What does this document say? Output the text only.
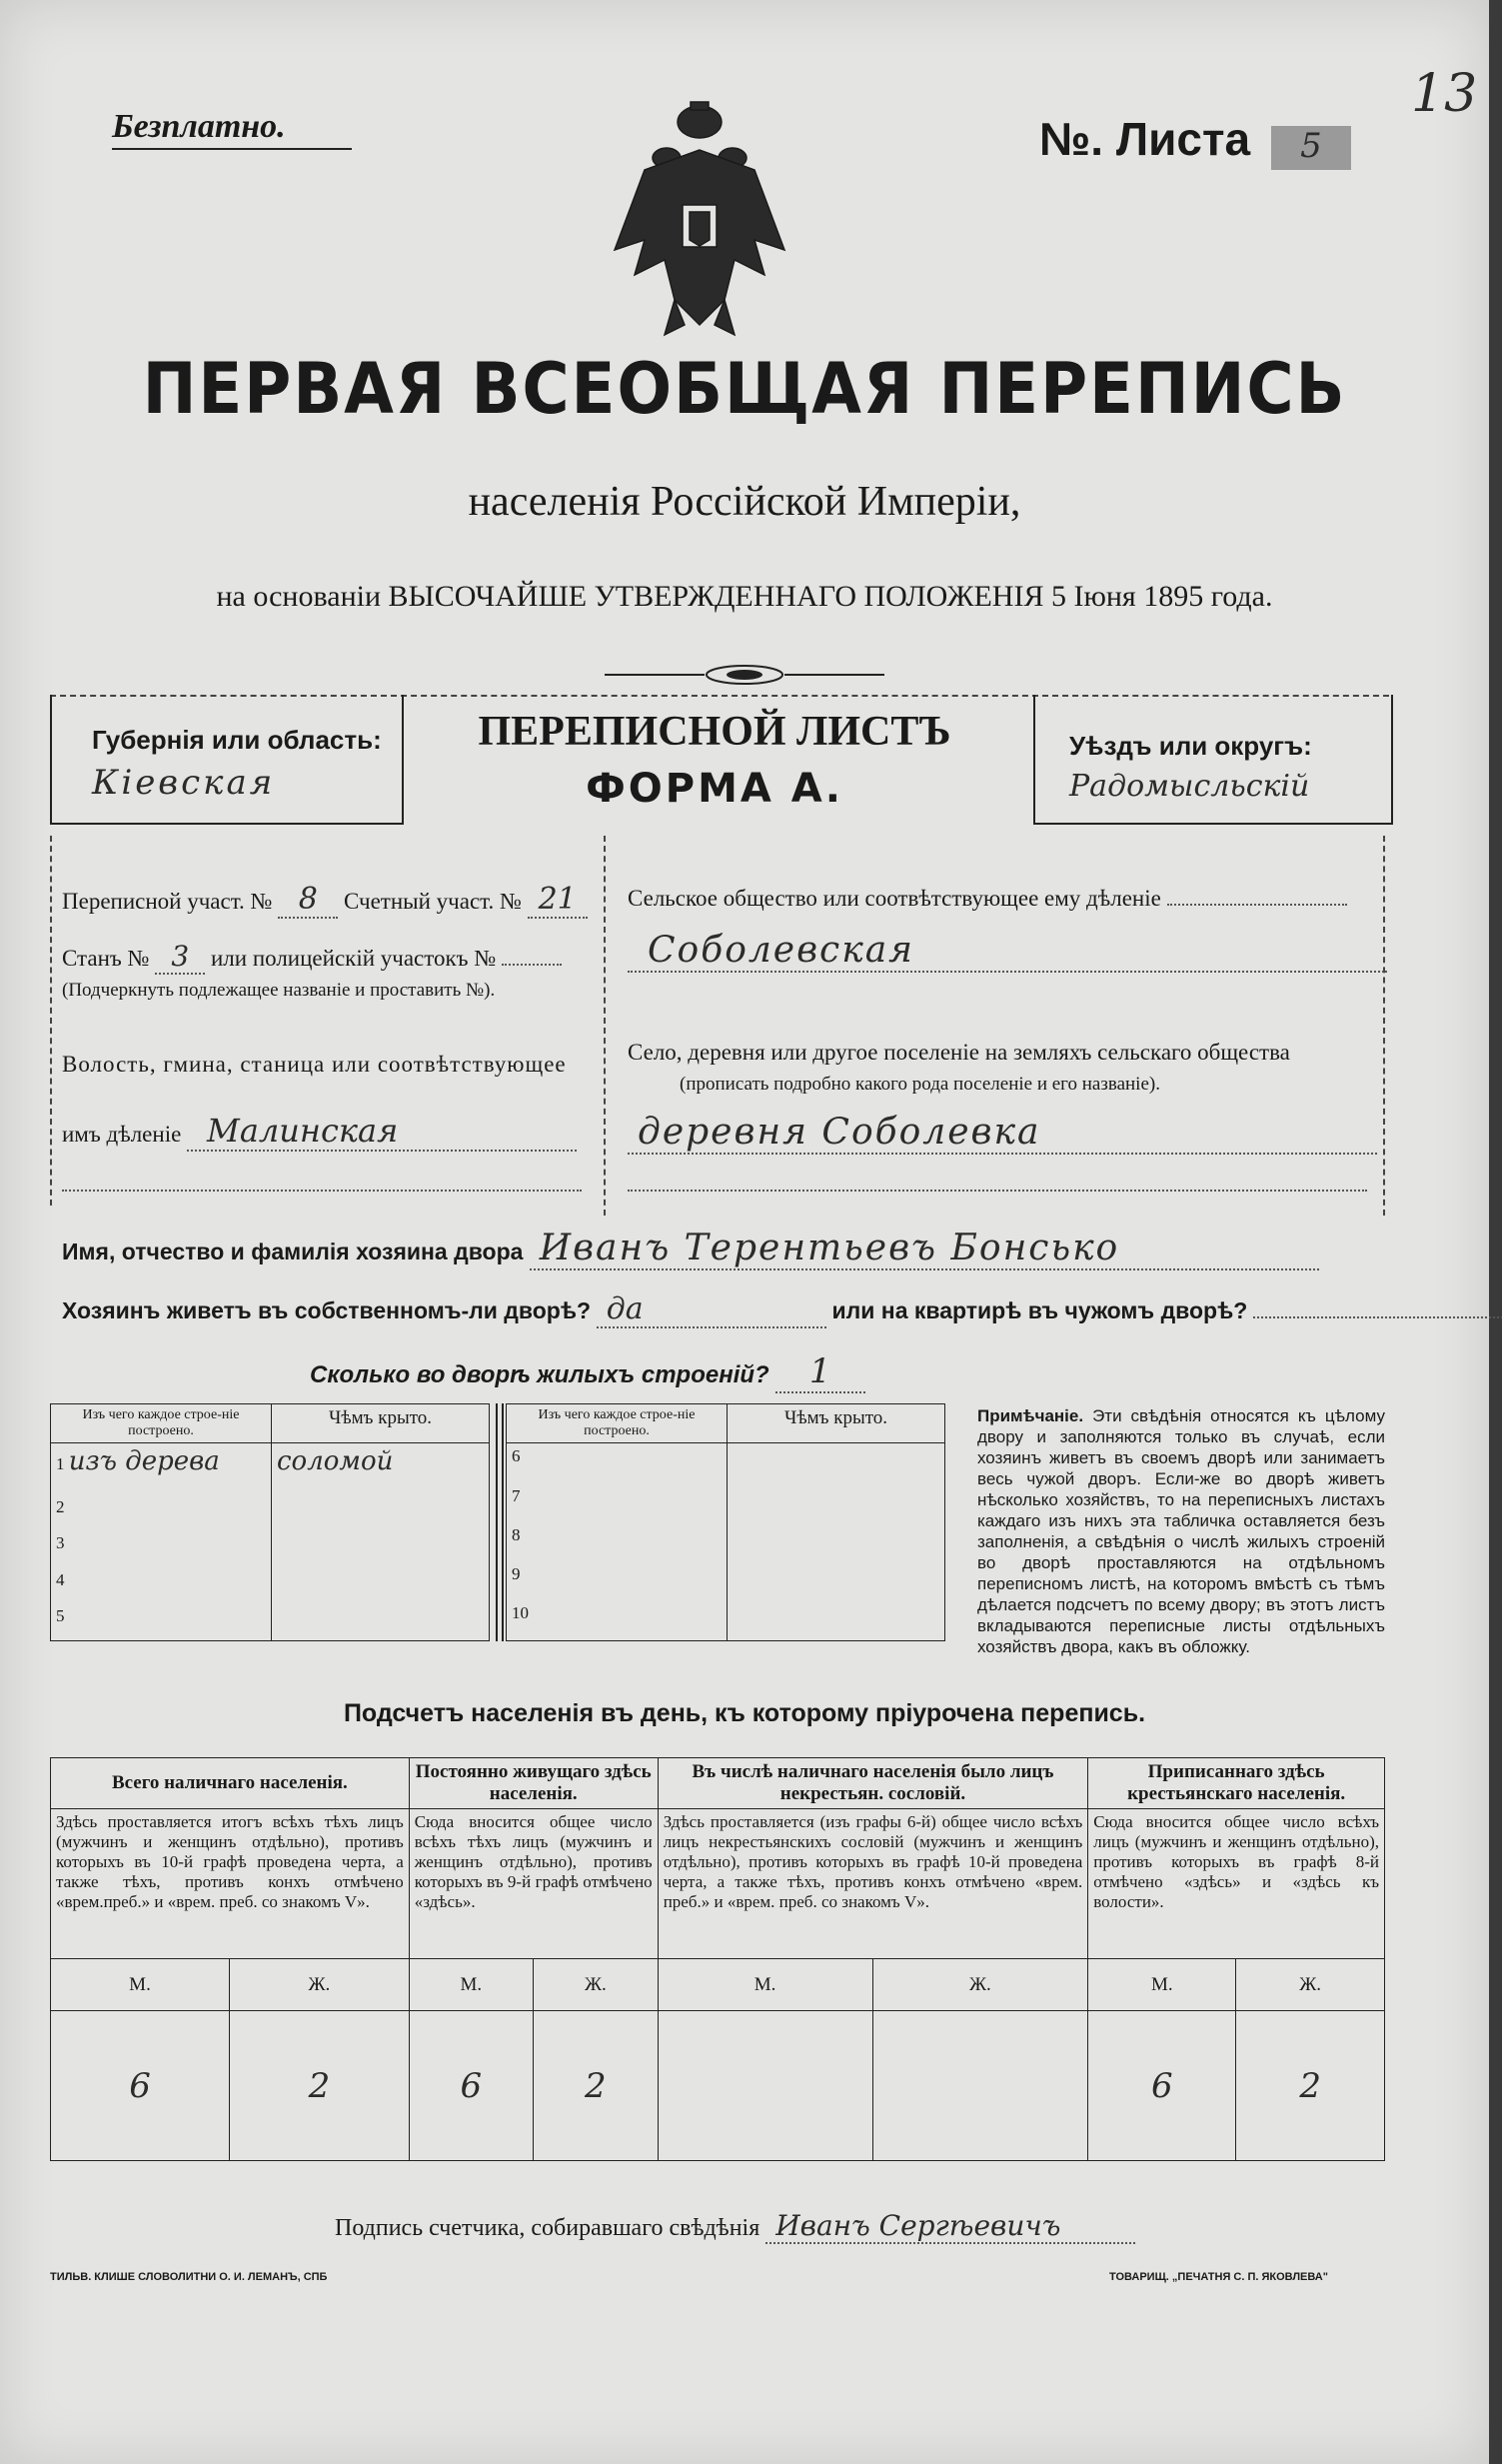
Безплатно.	№. Листа	5
13
ПЕРВАЯ ВСЕОБЩАЯ ПЕРЕПИСЬ
населенія Россійской Имперіи,
на основаніи ВЫСОЧАЙШЕ УТВЕРЖДЕННАГО ПОЛОЖЕНІЯ 5 Іюня 1895 года.
Губернія или область:
Кіевская
ПЕРЕПИСНОЙ ЛИСТЪ
ФОРМА А.
Уѣздъ или округъ:
Радомысльскій
Переписной участ. № 8 Счетный участ. № 21
Станъ № 3 или полицейскій участокъ №
(Подчеркнуть подлежащее названіе и проставить №).
Волость, гмина, станица или соотвѣтствующее
имъ дѣленіе Малинская
Сельское общество или соотвѣтствующее ему дѣленіе
Соболевская
Село, деревня или другое поселеніе на земляхъ сельскаго общества
(прописать подробно какого рода поселеніе и его названіе).
деревня Соболевка
Имя, отчество и фамилія хозяина двора Иванъ Терентьевъ Бонсько
Хозяинъ живетъ въ собственномъ-ли дворѣ? да	или на квартирѣ въ чужомъ дворѣ?
Сколько во дворѣ жилыхъ строеній? 1
Изъ чего каждое строе-ніе построено.	Чѣмъ крыто.
1 изъ дерева	соломой
2	
3	
4	
5	
Изъ чего каждое строе-ніе построено.	Чѣмъ крыто.
6	
7	
8	
9	
10	
Примѣчаніе. Эти свѣдѣнія относятся къ цѣлому двору и заполняются только въ случаѣ, если хозяинъ живетъ въ своемъ дворѣ или занимаетъ весь чужой дворъ. Если-же во дворѣ живетъ нѣсколько хозяйствъ, то на переписныхъ листахъ каждаго изъ нихъ эта табличка оставляется безъ заполненія, а свѣдѣнія о числѣ жилыхъ строеній во дворѣ проставляются на отдѣльномъ переписномъ листѣ, на которомъ вмѣстѣ съ тѣмъ дѣлается подсчетъ по всему двору; въ этотъ листъ вкладываются переписные листы отдѣльныхъ хозяйствъ двора, какъ въ обложку.
Подсчетъ населенія въ день, къ которому пріурочена перепись.
Всего наличнаго населенія.		Постоянно живущаго здѣсь населенія.		Въ числѣ наличнаго населенія было лицъ некрестьян. сословій.		Приписаннаго здѣсь крестьянскаго населенія.	
Здѣсь проставляется итогъ всѣхъ тѣхъ лицъ (мужчинъ и женщинъ отдѣльно), противъ которыхъ въ 10-й графѣ проведена черта, а также тѣхъ, противъ конхъ отмѣчено «врем.преб.» и «врем. преб. со знакомъ V».		Сюда вносится общее число всѣхъ тѣхъ лицъ (мужчинъ и женщинъ отдѣльно), противъ которыхъ въ 9-й графѣ отмѣчено «здѣсь».		Здѣсь проставляется (изъ графы 6-й) общее число всѣхъ лицъ некрестьянскихъ сословій (мужчинъ и женщинъ отдѣльно), противъ которыхъ въ графѣ 10-й проведена черта, а также тѣхъ, противъ конхъ отмѣчено «врем. преб.» и «врем. преб. со знакомъ V».		Сюда вносится общее число всѣхъ лицъ (мужчинъ и женщинъ отдѣльно), противъ которыхъ въ графѣ 8-й отмѣчено «здѣсь» и «здѣсь къ волости».	
М.	Ж.	М.	Ж.	М.	Ж.	М.	Ж.
6	2	6	2			6	2
Подпись счетчика, собиравшаго свѣдѣнія Иванъ Сергѣевичъ
ТИЛЬВ. КЛИШЕ СЛОВОЛИТНИ О. И. ЛЕМАНЪ, СПБ	ТОВАРИЩ. „ПЕЧАТНЯ С. П. ЯКОВЛЕВА"
